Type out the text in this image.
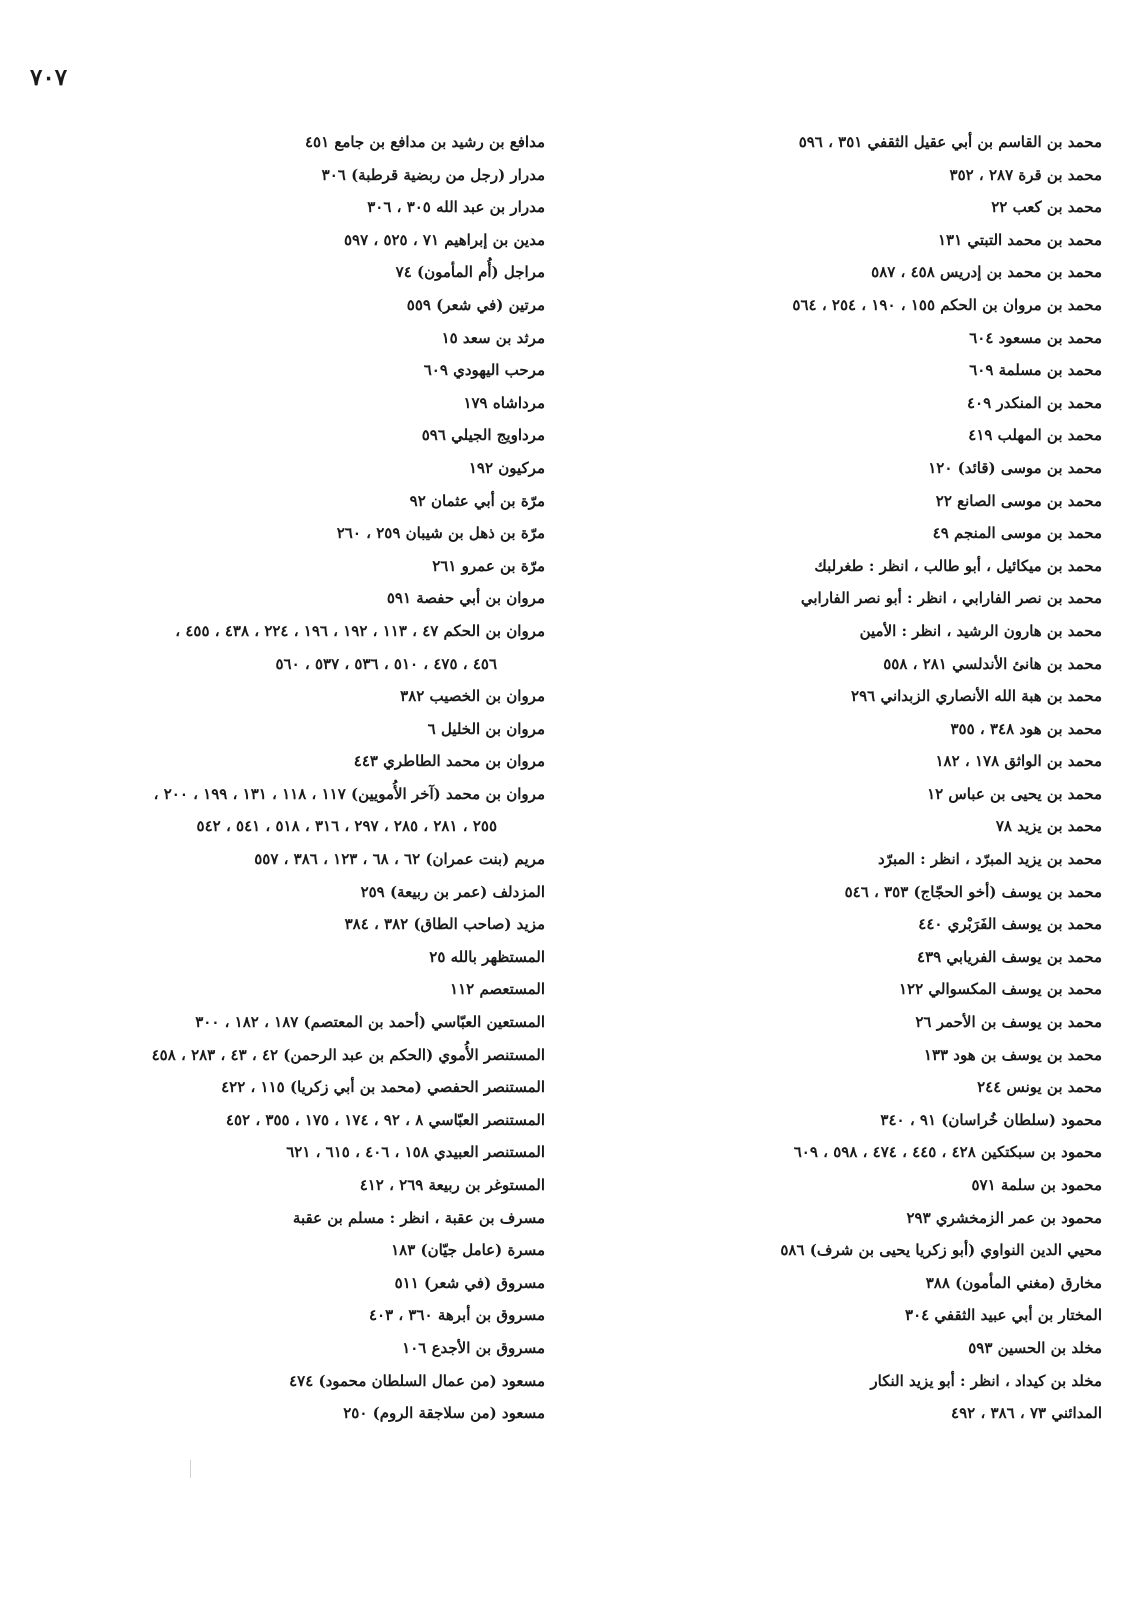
٧٠٧
محمد بن القاسم بن أبي عقيل الثقفي ٣٥١ ، ٥٩٦
محمد بن قرة ٢٨٧ ، ٣٥٢
محمد بن كعب ٢٢
محمد بن محمد التبتي ١٣١
محمد بن محمد بن إدريس ٤٥٨ ، ٥٨٧
محمد بن مروان بن الحكم ١٥٥ ، ١٩٠ ، ٢٥٤ ، ٥٦٤
محمد بن مسعود ٦٠٤
محمد بن مسلمة ٦٠٩
محمد بن المنكدر ٤٠٩
محمد بن المهلب ٤١٩
محمد بن موسى (قائد) ١٢٠
محمد بن موسى الصانع ٢٢
محمد بن موسى المنجم ٤٩
محمد بن ميكائيل ، أبو طالب ، انظر : طغرلبك
محمد بن نصر الفارابي ، انظر : أبو نصر الفارابي
محمد بن هارون الرشيد ، انظر : الأمين
محمد بن هانئ الأندلسي ٢٨١ ، ٥٥٨
محمد بن هبة الله الأنصاري الزبداني ٢٩٦
محمد بن هود ٣٤٨ ، ٣٥٥
محمد بن الواثق ١٧٨ ، ١٨٢
محمد بن يحيى بن عباس ١٢
محمد بن يزيد ٧٨
محمد بن يزيد المبرّد ، انظر : المبرّد
محمد بن يوسف (أخو الحجّاج) ٣٥٣ ، ٥٤٦
محمد بن يوسف الفَرَبْري ٤٤٠
محمد بن يوسف الفريابي ٤٣٩
محمد بن يوسف المكسوالي ١٢٢
محمد بن يوسف بن الأحمر ٢٦
محمد بن يوسف بن هود ١٣٣
محمد بن يونس ٢٤٤
محمود (سلطان خُراسان) ٩١ ، ٣٤٠
محمود بن سبكتكين ٤٢٨ ، ٤٤٥ ، ٤٧٤ ، ٥٩٨ ، ٦٠٩
محمود بن سلمة ٥٧١
محمود بن عمر الزمخشري ٢٩٣
محيي الدين النواوي (أبو زكريا يحيى بن شرف) ٥٨٦
مخارق (مغني المأمون) ٣٨٨
المختار بن أبي عبيد الثقفي ٣٠٤
مخلد بن الحسين ٥٩٣
مخلد بن كيداد ، انظر : أبو يزيد النكار
المدائني ٧٣ ، ٣٨٦ ، ٤٩٢
مدافع بن رشيد بن مدافع بن جامع ٤٥١
مدرار (رجل من ربضية قرطبة) ٣٠٦
مدرار بن عبد الله ٣٠٥ ، ٣٠٦
مدين بن إبراهيم ٧١ ، ٥٢٥ ، ٥٩٧
مراجل (أُم المأمون) ٧٤
مرتين (في شعر) ٥٥٩
مرثد بن سعد ١٥
مرحب اليهودي ٦٠٩
مرداشاه ١٧٩
مرداويج الجيلي ٥٩٦
مركيون ١٩٢
مرّة بن أبي عثمان ٩٢
مرّة بن ذهل بن شيبان ٢٥٩ ، ٢٦٠
مرّة بن عمرو ٢٦١
مروان بن أبي حفصة ٥٩١
مروان بن الحكم ٤٧ ، ١١٣ ، ١٩٢ ، ١٩٦ ، ٢٢٤ ، ٤٣٨ ، ٤٥٥ ،
٤٥٦ ، ٤٧٥ ، ٥١٠ ، ٥٣٦ ، ٥٣٧ ، ٥٦٠
مروان بن الخصيب ٣٨٢
مروان بن الخليل ٦
مروان بن محمد الطاطري ٤٤٣
مروان بن محمد (آخر الأُمويين) ١١٧ ، ١١٨ ، ١٣١ ، ١٩٩ ، ٢٠٠ ،
٢٥٥ ، ٢٨١ ، ٢٨٥ ، ٢٩٧ ، ٣١٦ ، ٥١٨ ، ٥٤١ ، ٥٤٢
مريم (بنت عمران) ٦٢ ، ٦٨ ، ١٢٣ ، ٣٨٦ ، ٥٥٧
المزدلف (عمر بن ربيعة) ٢٥٩
مزيد (صاحب الطاق) ٣٨٢ ، ٣٨٤
المستظهر بالله ٢٥
المستعصم ١١٢
المستعين العبّاسي (أحمد بن المعتصم) ١٨٧ ، ١٨٢ ، ٣٠٠
المستنصر الأُموي (الحكم بن عبد الرحمن) ٤٢ ، ٤٣ ، ٢٨٣ ، ٤٥٨
المستنصر الحفصي (محمد بن أبي زكريا) ١١٥ ، ٤٢٢
المستنصر العبّاسي ٨ ، ٩٢ ، ١٧٤ ، ١٧٥ ، ٣٥٥ ، ٤٥٢
المستنصر العبيدي ١٥٨ ، ٤٠٦ ، ٦١٥ ، ٦٢١
المستوغر بن ربيعة ٢٦٩ ، ٤١٢
مسرف بن عقبة ، انظر : مسلم بن عقبة
مسرة (عامل جيّان) ١٨٣
مسروق (في شعر) ٥١١
مسروق بن أبرهة ٣٦٠ ، ٤٠٣
مسروق بن الأجدع ١٠٦
مسعود (من عمال السلطان محمود) ٤٧٤
مسعود (من سلاجقة الروم) ٢٥٠
